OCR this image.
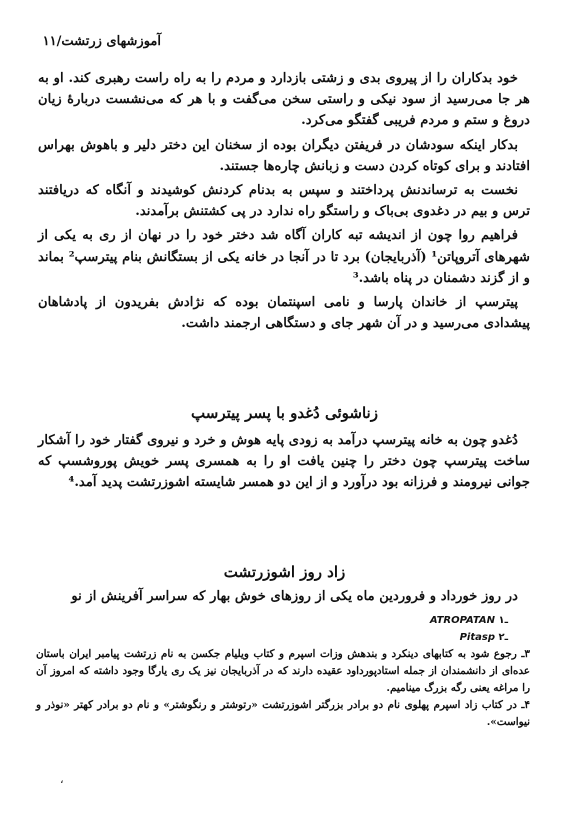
آموزشهای زرتشت/۱۱

خود بدکاران را از پیروی بدی و زشتی بازدارد و مردم را به راه راست رهبری کند. او به هر جا می‌رسید از سود نیکی و راستی سخن می‌گفت و با هر که می‌نشست دربارهٔ زیان دروغ و ستم و مردم فریبی گفتگو می‌کرد.

بدکار اینکه سودشان در فریفتن دیگران بوده از سخنان این دختر دلیر و باهوش بهراس افتادند و برای کوتاه کردن دست و زبانش چاره‌ها جستند.

نخست به ترساندنش پرداختند و سپس به بدنام کردنش کوشیدند و آنگاه که دریافتند ترس و بیم در دغدوی بی‌باک و راستگو راه ندارد در پی کشتنش برآمدند.

فراهیم روا چون از اندیشه تبه کاران آگاه شد دختر خود را در نهان از ری به یکی از شهرهای آتروپاتن¹ (آذربایجان) برد تا در آنجا در خانه یکی از بستگانش بنام پیترسپ² بماند و از گزند دشمنان در پناه باشد.³

پیترسپ از خاندان پارسا و نامی اسپنتمان بوده که نژادش بفریدون از پادشاهان پیشدادی می‌رسید و در آن شهر جای و دستگاهی ارجمند داشت.

زناشوئی دُغدو با پسر پیترسپ

دُغدو چون به خانه پیترسپ درآمد به زودی پایه هوش و خرد و نیروی گفتار خود را آشکار ساخت پیترسپ چون دختر را چنین یافت او را به همسری پسر خویش پوروشسپ که جوانی نیرومند و فرزانه بود درآورد و از این دو همسر شایسته اشوزرتشت پدید آمد.⁴

زاد روز اشوزرتشت

در روز خورداد و فروردین ماه یکی از روزهای خوش بهار که سراسر آفرینش از نو

ATROPATAN ۱ـ

Pitasp ۲ـ

۳ـ رجوع شود به کتابهای دینکرد و بندهش وزات اسپرم و کتاب ویلیام جکسن به نام زرتشت پیامبر ایران باستان عده‌ای از دانشمندان از جمله استادپورداود عقیده دارند که در آذربایجان نیز یک ری یارگا وجود داشته که امروز آن را مراغه یعنی رگه بزرگ مینامیم.

۴ـ در کتاب زاد اسپرم پهلوی نام دو برادر بزرگتر اشوزرتشت «رتوشتر و رنگوشتر» و نام دو برادر کهتر «نوذر و نیواست».

،
